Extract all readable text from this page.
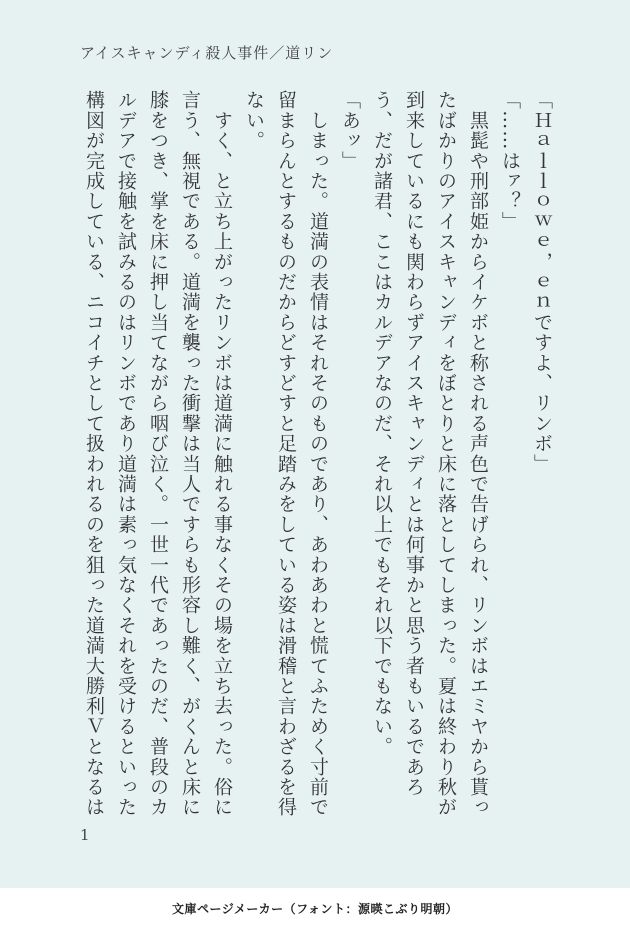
アイスキャンディ殺人事件／道リン

「Ｈａｌｌｏｗｅ，ｅｎですよ、リンボ」

「……はァ？」

　黒髭や刑部姫からイケボと称される声色で告げられ、リンボはエミヤから貰ったばかりのアイスキャンディをぼとりと床に落としてしまった。夏は終わり秋が到来しているにも関わらずアイスキャンディとは何事かと思う者もいるであろう、だが諸君、ここはカルデアなのだ、それ以上でもそれ以下でもない。

「あッ」

　しまった。道満の表情はそれそのものであり、あわあわと慌てふためく寸前で留まらんとするものだからどすどすと足踏みをしている姿は滑稽と言わざるを得ない。

　すく、と立ち上がったリンボは道満に触れる事なくその場を立ち去った。俗に言う、無視である。道満を襲った衝撃は当人ですらも形容し難く、がくんと床に膝をつき、掌を床に押し当てながら咽び泣く。一世一代であったのだ、普段のカルデアで接触を試みるのはリンボであり道満は素っ気なくそれを受けるといった構図が完成している、ニコイチとして扱われるのを狙った道満大勝利Ｖとなるは

1
文庫ページメーカー（フォント：源暎こぶり明朝）
